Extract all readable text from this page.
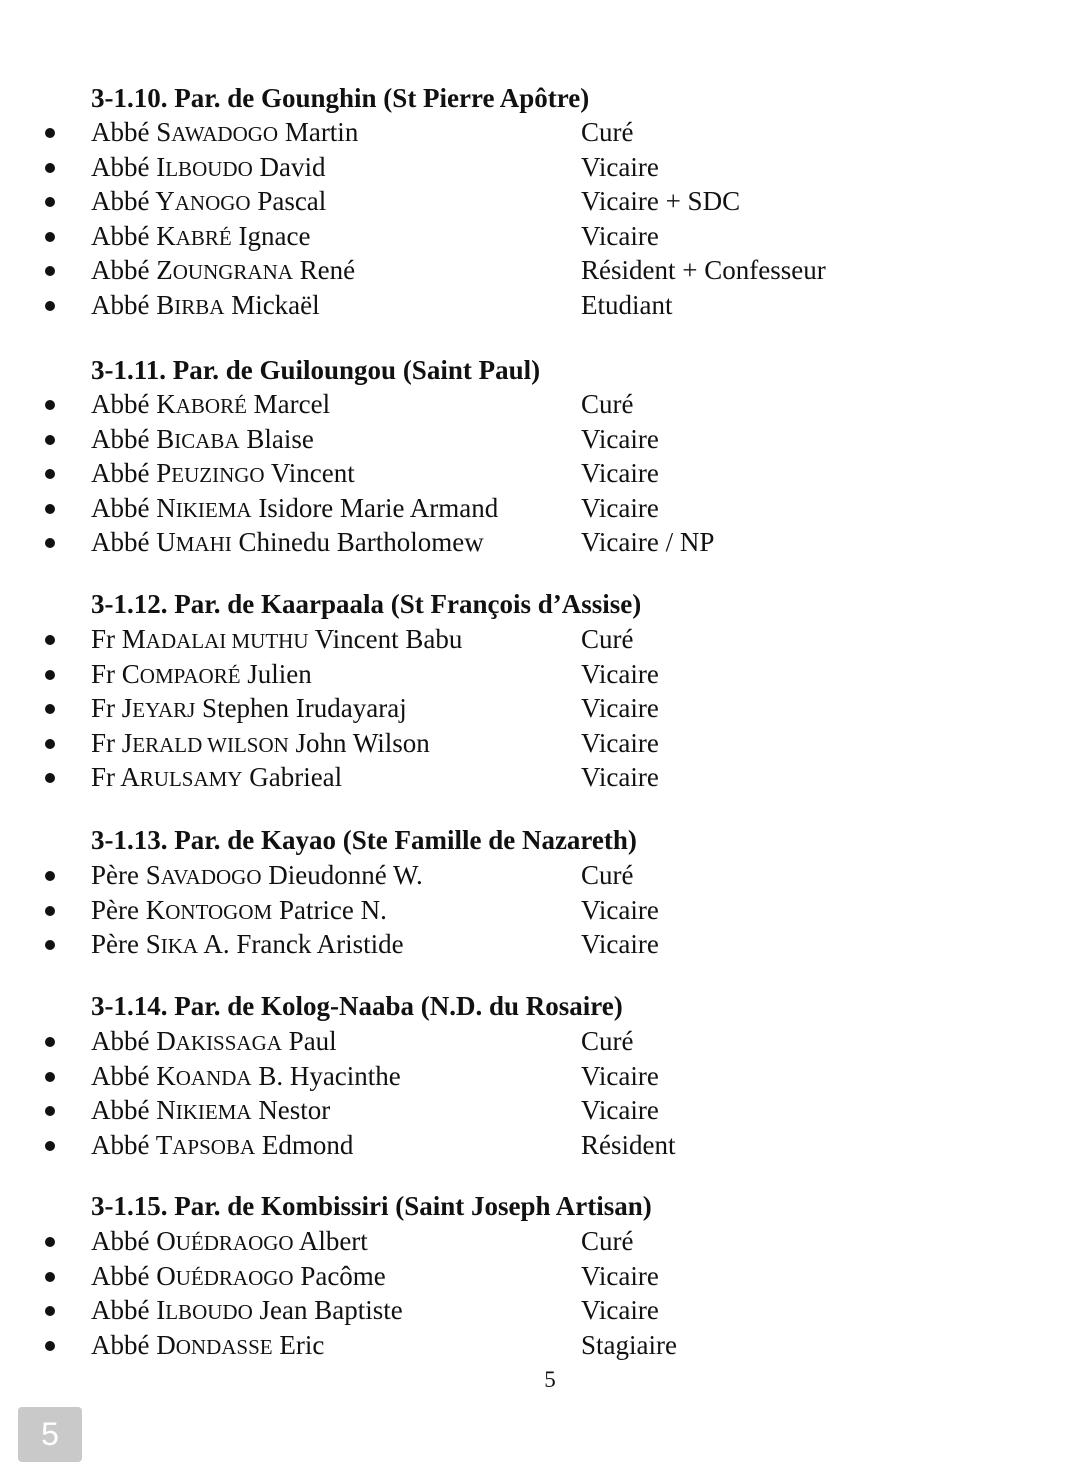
3-1.10. Par. de Gounghin (St Pierre Apôtre)
Abbé SAWADOGO Martin	Curé
Abbé ILBOUDO David	Vicaire
Abbé YANOGO Pascal	Vicaire + SDC
Abbé KABRÉ Ignace	Vicaire
Abbé ZOUNGRANA René	Résident + Confesseur
Abbé BIRBA Mickaël	Etudiant
3-1.11. Par. de Guiloungou (Saint Paul)
Abbé KABORÉ Marcel	Curé
Abbé BICABA Blaise	Vicaire
Abbé PEUZINGO Vincent	Vicaire
Abbé NIKIEMA Isidore Marie Armand	Vicaire
Abbé UMAHI Chinedu Bartholomew	Vicaire / NP
3-1.12. Par. de Kaarpaala (St François d’Assise)
Fr MADALAI MUTHU Vincent Babu	Curé
Fr COMPAORÉ Julien	Vicaire
Fr JEYARJ Stephen Irudayaraj	Vicaire
Fr JERALD WILSON John Wilson	Vicaire
Fr ARULSAMY Gabrieal	Vicaire
3-1.13. Par. de Kayao (Ste Famille de Nazareth)
Père SAVADOGO Dieudonné W.	Curé
Père KONTOGOM Patrice N.	Vicaire
Père SIKA A. Franck Aristide	Vicaire
3-1.14. Par. de Kolog-Naaba (N.D. du Rosaire)
Abbé DAKISSAGA Paul	Curé
Abbé KOANDA B. Hyacinthe	Vicaire
Abbé NIKIEMA Nestor	Vicaire
Abbé TAPSOBA Edmond	Résident
3-1.15. Par. de Kombissiri (Saint Joseph Artisan)
Abbé OUÉDRAOGO Albert	Curé
Abbé OUÉDRAOGO Pacôme	Vicaire
Abbé ILBOUDO Jean Baptiste	Vicaire
Abbé DONDASSE Eric	Stagiaire
5
5
